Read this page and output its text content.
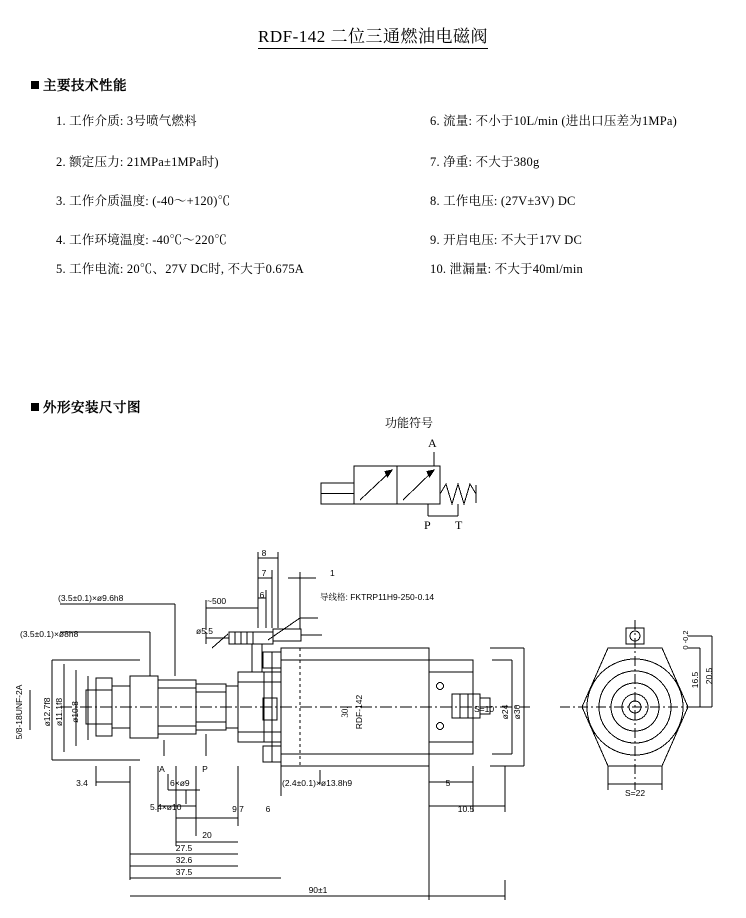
RDF-142 二位三通燃油电磁阀
主要技术性能
1. 工作介质: 3号喷气燃料
2. 额定压力: 21MPa±1MPa时)
3. 工作介质温度: (-40～+120)℃
4. 工作环境温度: -40℃～220℃
5. 工作电流: 20℃、27V DC时, 不大于0.675A
6. 流量: 不小于10L/min (进出口压差为1MPa)
7. 净重: 不大于380g
8. 工作电压: (27V±3V) DC
9. 开启电压: 不大于17V DC
10. 泄漏量: 不大于40ml/min
外形安装尺寸图
功能符号
A
P T
导线格: FKTRP11H9-250-0.14
~500
8
7
6
1
(3.5±0.1)×ø9.6h8
(3.5±0.1)×ø8h8	ø5.5
5/8-18UNF-2A ø12.7f8 ø11.1f8 ø10.8
A	P
30. RDF-142	S=10 ø30
ø24
3.4	6×ø9
5.4×ø10	9.7	6
20
27.5
32.6
37.5
(2.4±0.1)×ø13.8h9	5
10.5
90±1
S=22
16.5 20.5
0 -0.2
